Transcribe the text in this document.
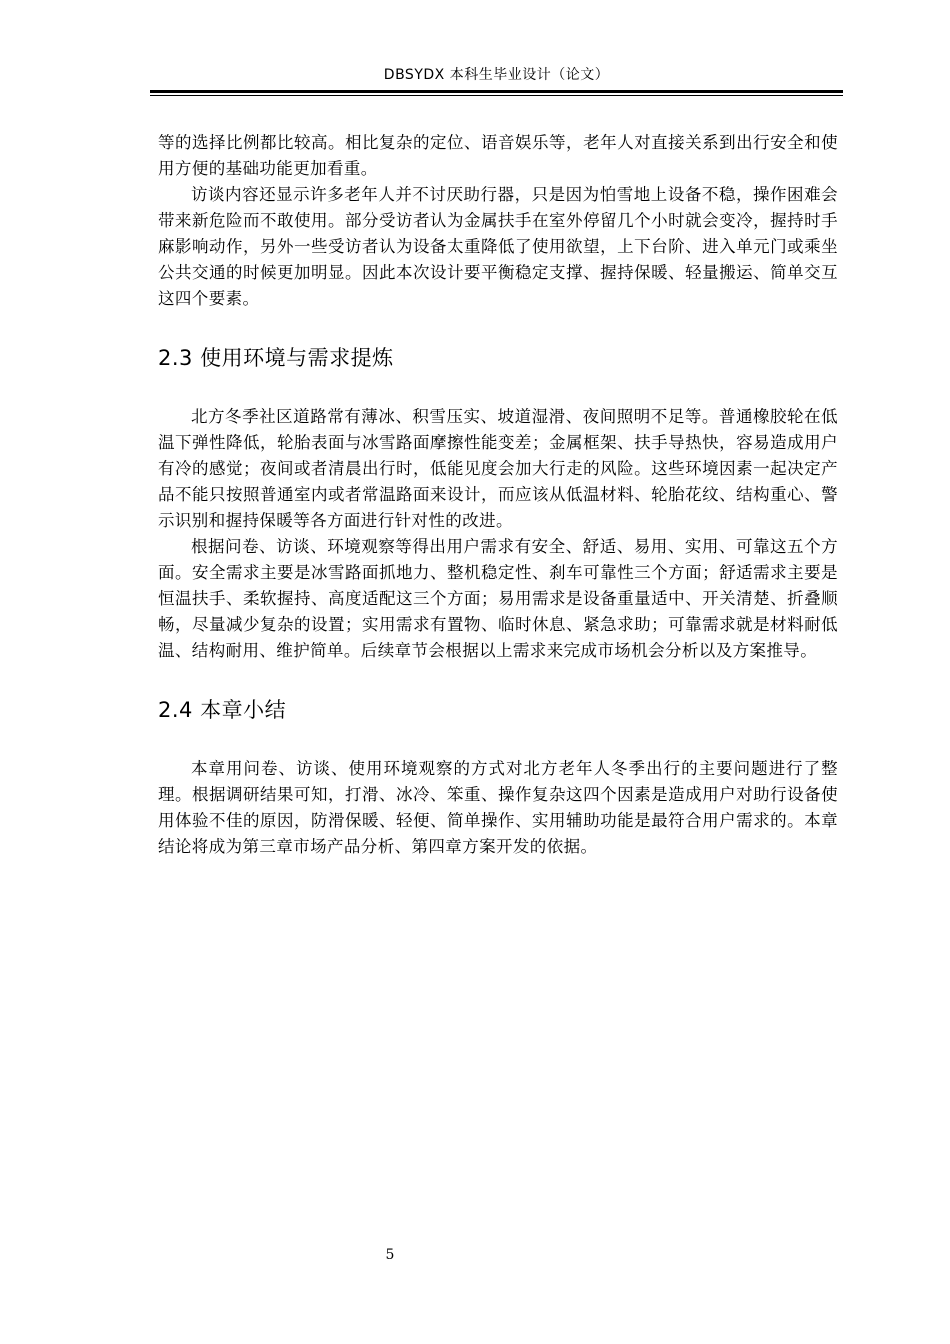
DBSYDX 本科生毕业设计（论文）

等的选择比例都比较高。相比复杂的定位、语音娱乐等，老年人对直接关系到出行安全和使用方便的基础功能更加看重。

访谈内容还显示许多老年人并不讨厌助行器，只是因为怕雪地上设备不稳，操作困难会带来新危险而不敢使用。部分受访者认为金属扶手在室外停留几个小时就会变冷，握持时手麻影响动作，另外一些受访者认为设备太重降低了使用欲望，上下台阶、进入单元门或乘坐公共交通的时候更加明显。因此本次设计要平衡稳定支撑、握持保暖、轻量搬运、简单交互这四个要素。

2.3 使用环境与需求提炼

北方冬季社区道路常有薄冰、积雪压实、坡道湿滑、夜间照明不足等。普通橡胶轮在低温下弹性降低，轮胎表面与冰雪路面摩擦性能变差；金属框架、扶手导热快，容易造成用户有冷的感觉；夜间或者清晨出行时，低能见度会加大行走的风险。这些环境因素一起决定产品不能只按照普通室内或者常温路面来设计，而应该从低温材料、轮胎花纹、结构重心、警示识别和握持保暖等各方面进行针对性的改进。

根据问卷、访谈、环境观察等得出用户需求有安全、舒适、易用、实用、可靠这五个方面。安全需求主要是冰雪路面抓地力、整机稳定性、刹车可靠性三个方面；舒适需求主要是恒温扶手、柔软握持、高度适配这三个方面；易用需求是设备重量适中、开关清楚、折叠顺畅，尽量减少复杂的设置；实用需求有置物、临时休息、紧急求助；可靠需求就是材料耐低温、结构耐用、维护简单。后续章节会根据以上需求来完成市场机会分析以及方案推导。

2.4 本章小结

本章用问卷、访谈、使用环境观察的方式对北方老年人冬季出行的主要问题进行了整理。根据调研结果可知，打滑、冰冷、笨重、操作复杂这四个因素是造成用户对助行设备使用体验不佳的原因，防滑保暖、轻便、简单操作、实用辅助功能是最符合用户需求的。本章结论将成为第三章市场产品分析、第四章方案开发的依据。

5
